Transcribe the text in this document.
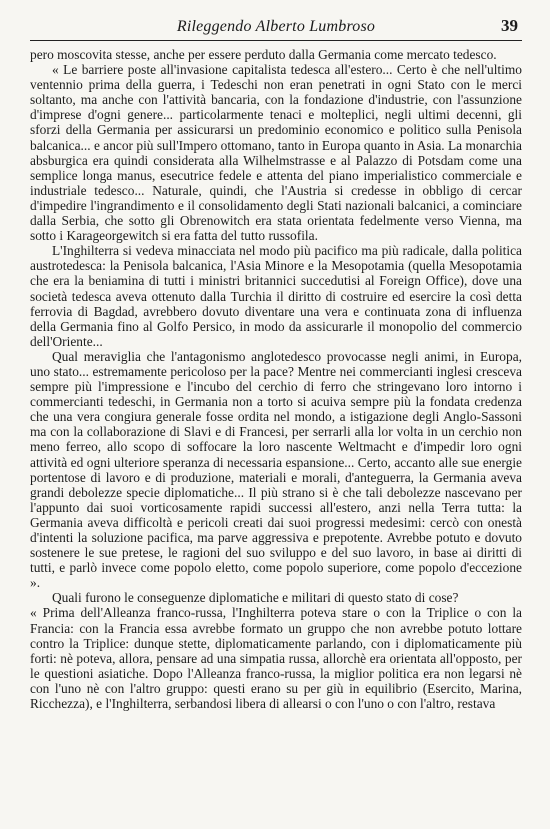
Rileggendo Alberto Lumbroso	39

pero moscovita stesse, anche per essere perduto dalla Germania come mercato tedesco.

« Le barriere poste all'invasione capitalista tedesca all'estero... Certo è che nell'ultimo ventennio prima della guerra, i Tedeschi non eran penetrati in ogni Stato con le merci soltanto, ma anche con l'attività bancaria, con la fondazione d'industrie, con l'assunzione d'imprese d'ogni genere... particolarmente tenaci e molteplici, negli ultimi decenni, gli sforzi della Germania per assicurarsi un predominio economico e politico sulla Penisola balcanica... e ancor più sull'Impero ottomano, tanto in Europa quanto in Asia. La monarchia absburgica era quindi considerata alla Wilhelmstrasse e al Palazzo di Potsdam come una semplice longa manus, esecutrice fedele e attenta del piano imperialistico commerciale e industriale tedesco... Naturale, quindi, che l'Austria si credesse in obbligo di cercar d'impedire l'ingrandimento e il consolidamento degli Stati nazionali balcanici, a cominciare dalla Serbia, che sotto gli Obrenowitch era stata orientata fedelmente verso Vienna, ma sotto i Karageorgewitch si era fatta del tutto russofila.

L'Inghilterra si vedeva minacciata nel modo più pacifico ma più radicale, dalla politica austrotedesca: la Penisola balcanica, l'Asia Minore e la Mesopotamia (quella Mesopotamia che era la beniamina di tutti i ministri britannici succedutisi al Foreign Office), dove una società tedesca aveva ottenuto dalla Turchia il diritto di costruire ed esercire la così detta ferrovia di Bagdad, avrebbero dovuto diventare una vera e continuata zona di influenza della Germania fino al Golfo Persico, in modo da assicurarle il monopolio del commercio dell'Oriente...

Qual meraviglia che l'antagonismo anglotedesco provocasse negli animi, in Europa, uno stato... estremamente pericoloso per la pace? Mentre nei commercianti inglesi cresceva sempre più l'impressione e l'incubo del cerchio di ferro che stringevano loro intorno i commercianti tedeschi, in Germania non a torto si acuiva sempre più la fondata credenza che una vera congiura generale fosse ordita nel mondo, a istigazione degli Anglo-Sassoni ma con la collaborazione di Slavi e di Francesi, per serrarli alla lor volta in un cerchio non meno ferreo, allo scopo di soffocare la loro nascente Weltmacht e d'impedir loro ogni attività ed ogni ulteriore speranza di necessaria espansione... Certo, accanto alle sue energie portentose di lavoro e di produzione, materiali e morali, d'anteguerra, la Germania aveva grandi debolezze specie diplomatiche... Il più strano si è che tali debolezze nascevano per l'appunto dai suoi vorticosamente rapidi successi all'estero, anzi nella Terra tutta: la Germania aveva difficoltà e pericoli creati dai suoi progressi medesimi: cercò con onestà d'intenti la soluzione pacifica, ma parve aggressiva e prepotente. Avrebbe potuto e dovuto sostenere le sue pretese, le ragioni del suo sviluppo e del suo lavoro, in base ai diritti di tutti, e parlò invece come popolo eletto, come popolo superiore, come popolo d'eccezione ».

Quali furono le conseguenze diplomatiche e militari di questo stato di cose?

« Prima dell'Alleanza franco-russa, l'Inghilterra poteva stare o con la Triplice o con la Francia: con la Francia essa avrebbe formato un gruppo che non avrebbe potuto lottare contro la Triplice: dunque stette, diplomaticamente parlando, con i diplomaticamente più forti: nè poteva, allora, pensare ad una simpatia russa, allorchè era orientata all'opposto, per le questioni asiatiche. Dopo l'Alleanza franco-russa, la miglior politica era non legarsi nè con l'uno nè con l'altro gruppo: questi erano su per giù in equilibrio (Esercito, Marina, Ricchezza), e l'Inghilterra, serbandosi libera di allearsi o con l'uno o con l'altro, restava
